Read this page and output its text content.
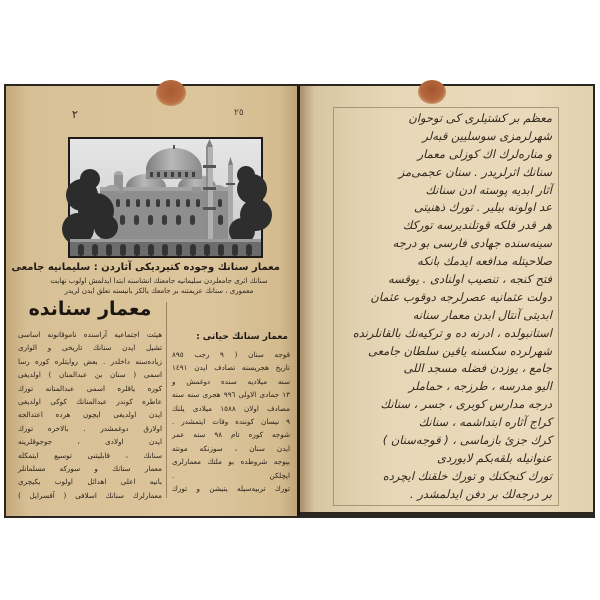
٢	٢٥
معمار سنانك وجوده كتيرديكى آثاردن : سليمانيه جامعى
سنانك اثرى جامعلردن سليمانيه جامعنك انشاسنه ابتدا ايدلمش اولوب نهايت
معمورى ، سنانك عزيمتنه بر جامعك يالكز بانيسنه تعلق ايدن لريدر
معمار سنانده
هيئت اجتماعيه آراسنده ناموقانونه اساسى
تشيل ايدن سنانك تاريخى و الوارى
زياده‌سنه داخلدر . بعض روايتلره كوره رسا
اسمى ( سنان بن عبدالمنان ) اولديغى
كوره ياقلره اسمى عبدالمنانه تورك
عاطره كوندر عبدالمنانك كوكى اولديغى
ايدن اولديغى ايچون هرده اعتدالجه
اولارق دوغمشدر . بالاخره تورك
ايدن اولادى ، جوجوقلرينه
سنانك ، قابليتنى توسيع ايتمكله
معمار سنانك و سوركه مسلمانلر
بانيه اعلى اهدائل اولوب يكيچرى
معمارلرك سنانك اسلافى ( آقسرايل )
معمار سنانك حياتى :
قوجه سنان ( ٩ رجب ٨٩٥
تاريخ هجريسنه تصادف ايدن ١٤٩١
سنه ميلاديه سنده دوغمش و
١٣ جمادى الاولى ٩٩٦ هجرى سنه سنه
مصادف اولان ١٥٨٨ ميلادى يلنك
٩ نيسان كوننده وفات ايتمشدر .
شوجه كوره تام ٩٨ سنه عمر
ايدن سنان ، سوزنكه مونته
بيوجه شروطده بو ملتك معمارلرى
ايچلكن .
تورك تربيه‌سيله يتيشن و تورك
معظم بر كشتيلرى كى توحوان
شهرلرمزى سوسليين قبه‌لر
و منارەلرك اك كوزلى معمار
سنانك اثرلريدر . سنان عجمى‌مز
آثار ابديه پوسته ادن سنانك
عد اولونه بيلير . تورك ذهنيتى
هر قدر فلكه قوتلنديرسه توركك
سينه‌سنده جهادى فارسى بو درجه
صلاحيتله مدافعه ايدمك بانكه
فتح كنجه ، تنصيب اولنادى . يوقسه
دولت عثمانيه عصرلرجه دوقوب عثمان
ابديتى آنتال ابدن معمار سنانه
استانبولده ، ادرنه ده و تركيه‌نك بالقانلرنده
شهرلرده سكسنه ياقين سلطان جامعى
جامع ، يوزدن فضله مسجد اللى
اليو مدرسه ، طرزجه ، حماملر
درجه مدارس كوبرى ، جسر ، سنانك
كراج آثاره ابتداشمه ، سنانك
كرك جزئ بازماسى ، ( قوجه‌سنان )
عنوانيله بلقەبكم لايوردى
تورك كنجكنك و تورك خلقنك ايچرده
بر درجه‌لك بر دفن ايدلمشدر .
